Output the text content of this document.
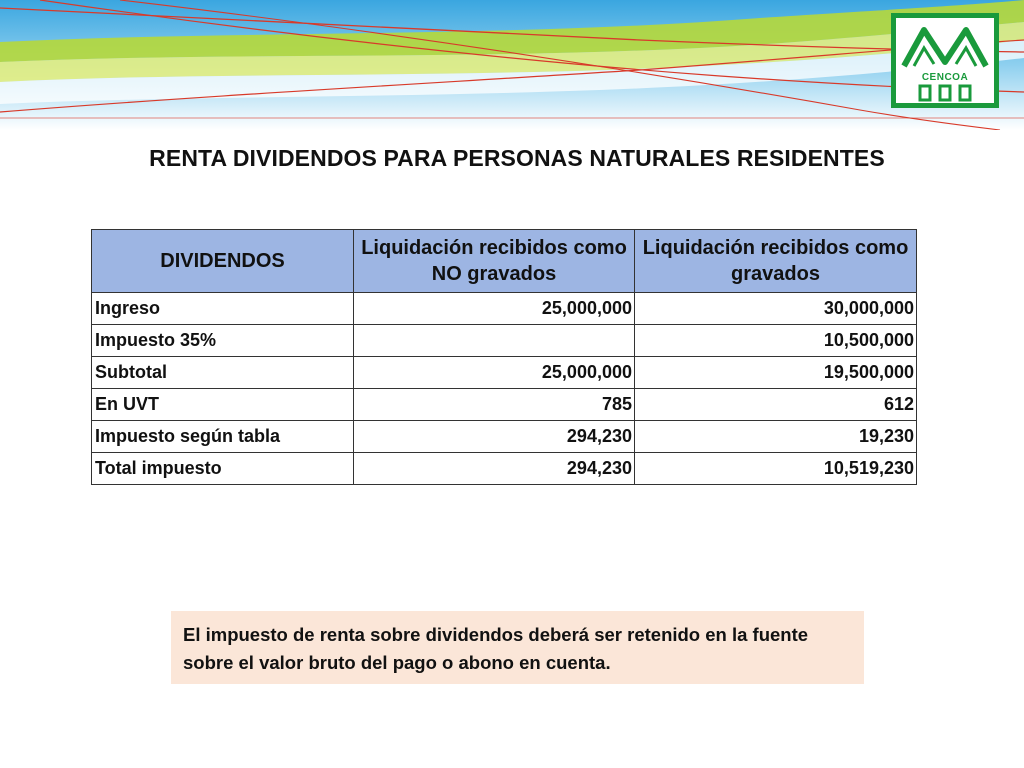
CENCOA
RENTA DIVIDENDOS PARA PERSONAS NATURALES RESIDENTES
DIVIDENDOS	Liquidación recibidos como NO gravados	Liquidación recibidos como gravados
Ingreso	25,000,000	30,000,000
Impuesto 35%		10,500,000
Subtotal	25,000,000	19,500,000
En UVT	785	612
Impuesto según tabla	294,230	19,230
Total impuesto	294,230	10,519,230
El impuesto de renta sobre dividendos deberá ser retenido en la fuente sobre el valor bruto del pago o abono en cuenta.
